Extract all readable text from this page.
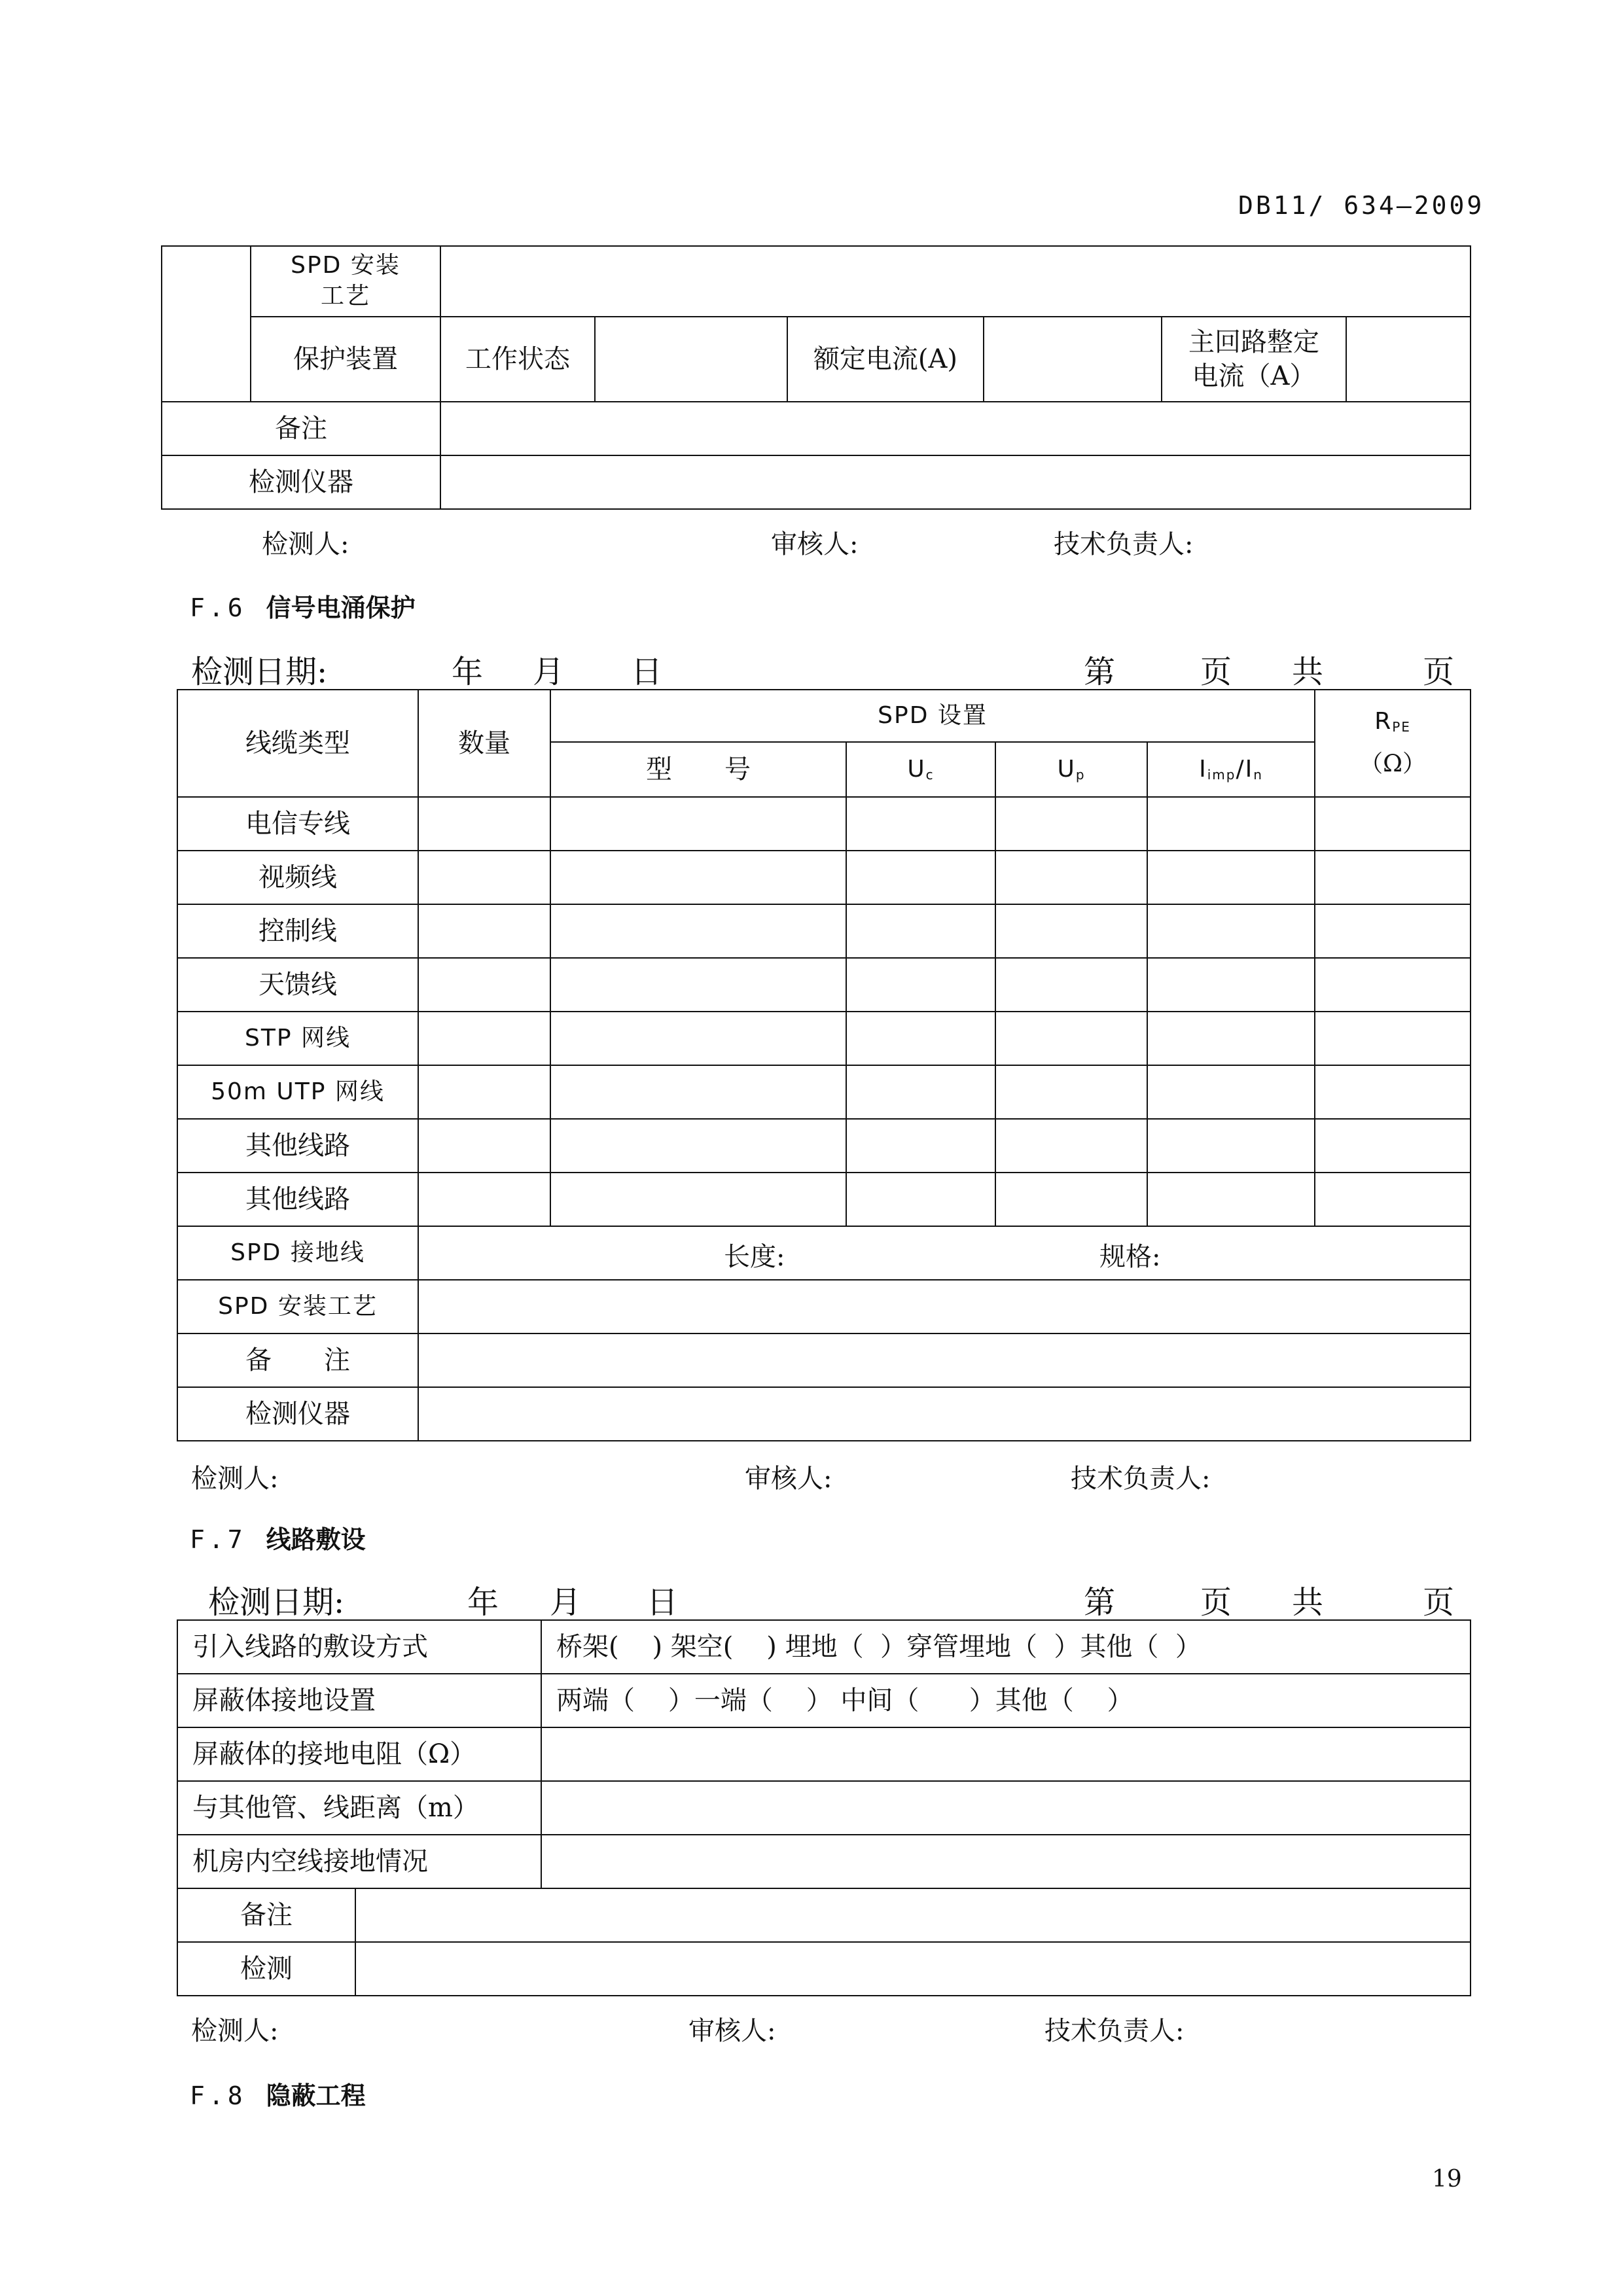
DB11/ 634—2009
	SPD 安装
工艺						
	保护装置	工作状态		额定电流(A)		主回路整定
电流（A）	
备注							
检测仪器							
检测人:	审核人:	技术负责人:
F.6 信号电涌保护
检测日期:	年 月 日	第	页 共	页
线缆类型	数量	SPD 设置				$R_{PE}$
（Ω）

		型　　号	$U_c$	$U_p$	$I_{imp}/I_n$
电信专线						
视频线						
控制线						
天馈线						
STP 网线						
50m UTP 网线						
其他线路						
其他线路						
SPD 接地线	长度: 规格:					

SPD 安装工艺						
备　　注						
检测仪器						
检测人:	审核人:	技术负责人:
F.7 线路敷设
检测日期:	年 月 日	第	页 共	页
引入线路的敷设方式		桥架(    ) 架空(    ) 埋地（  ）穿管埋地（  ）其他（  ）
屏蔽体接地设置		两端（    ）一端（    ） 中间（      ）其他（    ）
屏蔽体的接地电阻（Ω）		
与其他管、线距离（m）		
机房内空线接地情况		
备注		
检测		
检测人:	审核人:	技术负责人:
F.8 隐蔽工程
19
